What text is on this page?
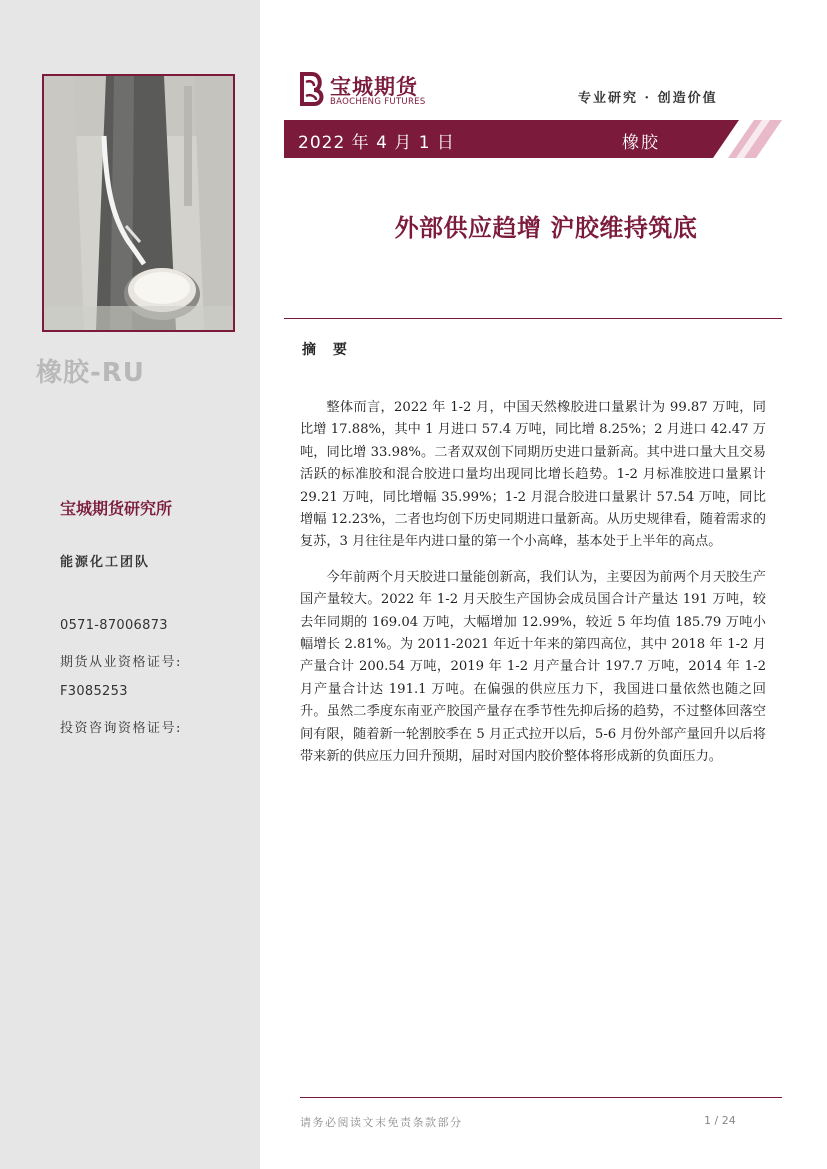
橡胶-RU
宝城期货研究所
能源化工团队
0571-87006873
期货从业资格证号:
F3085253
投资咨询资格证号:
宝城期货
BAOCHENG FUTURES	专业研究 · 创造价值
2022 年 4 月 1 日	橡胶
外部供应趋增 沪胶维持筑底
摘 要

整体而言，2022 年 1-2 月，中国天然橡胶进口量累计为 99.87 万吨，同比增 17.88%，其中 1 月进口 57.4 万吨，同比增 8.25%；2 月进口 42.47 万吨，同比增 33.98%。二者双双创下同期历史进口量新高。其中进口量大且交易活跃的标准胶和混合胶进口量均出现同比增长趋势。1-2 月标准胶进口量累计 29.21 万吨，同比增幅 35.99%；1-2 月混合胶进口量累计 57.54 万吨，同比增幅 12.23%，二者也均创下历史同期进口量新高。从历史规律看，随着需求的复苏，3 月往往是年内进口量的第一个小高峰，基本处于上半年的高点。

今年前两个月天胶进口量能创新高，我们认为，主要因为前两个月天胶生产国产量较大。2022 年 1-2 月天胶生产国协会成员国合计产量达 191 万吨，较去年同期的 169.04 万吨，大幅增加 12.99%，较近 5 年均值 185.79 万吨小幅增长 2.81%。为 2011-2021 年近十年来的第四高位，其中 2018 年 1-2 月产量合计 200.54 万吨，2019 年 1-2 月产量合计 197.7 万吨，2014 年 1-2 月产量合计达 191.1 万吨。在偏强的供应压力下，我国进口量依然也随之回升。虽然二季度东南亚产胶国产量存在季节性先抑后扬的趋势，不过整体回落空间有限，随着新一轮割胶季在 5 月正式拉开以后，5-6 月份外部产量回升以后将带来新的供应压力回升预期，届时对国内胶价整体将形成新的负面压力。

请务必阅读文末免责条款部分	1 / 24
